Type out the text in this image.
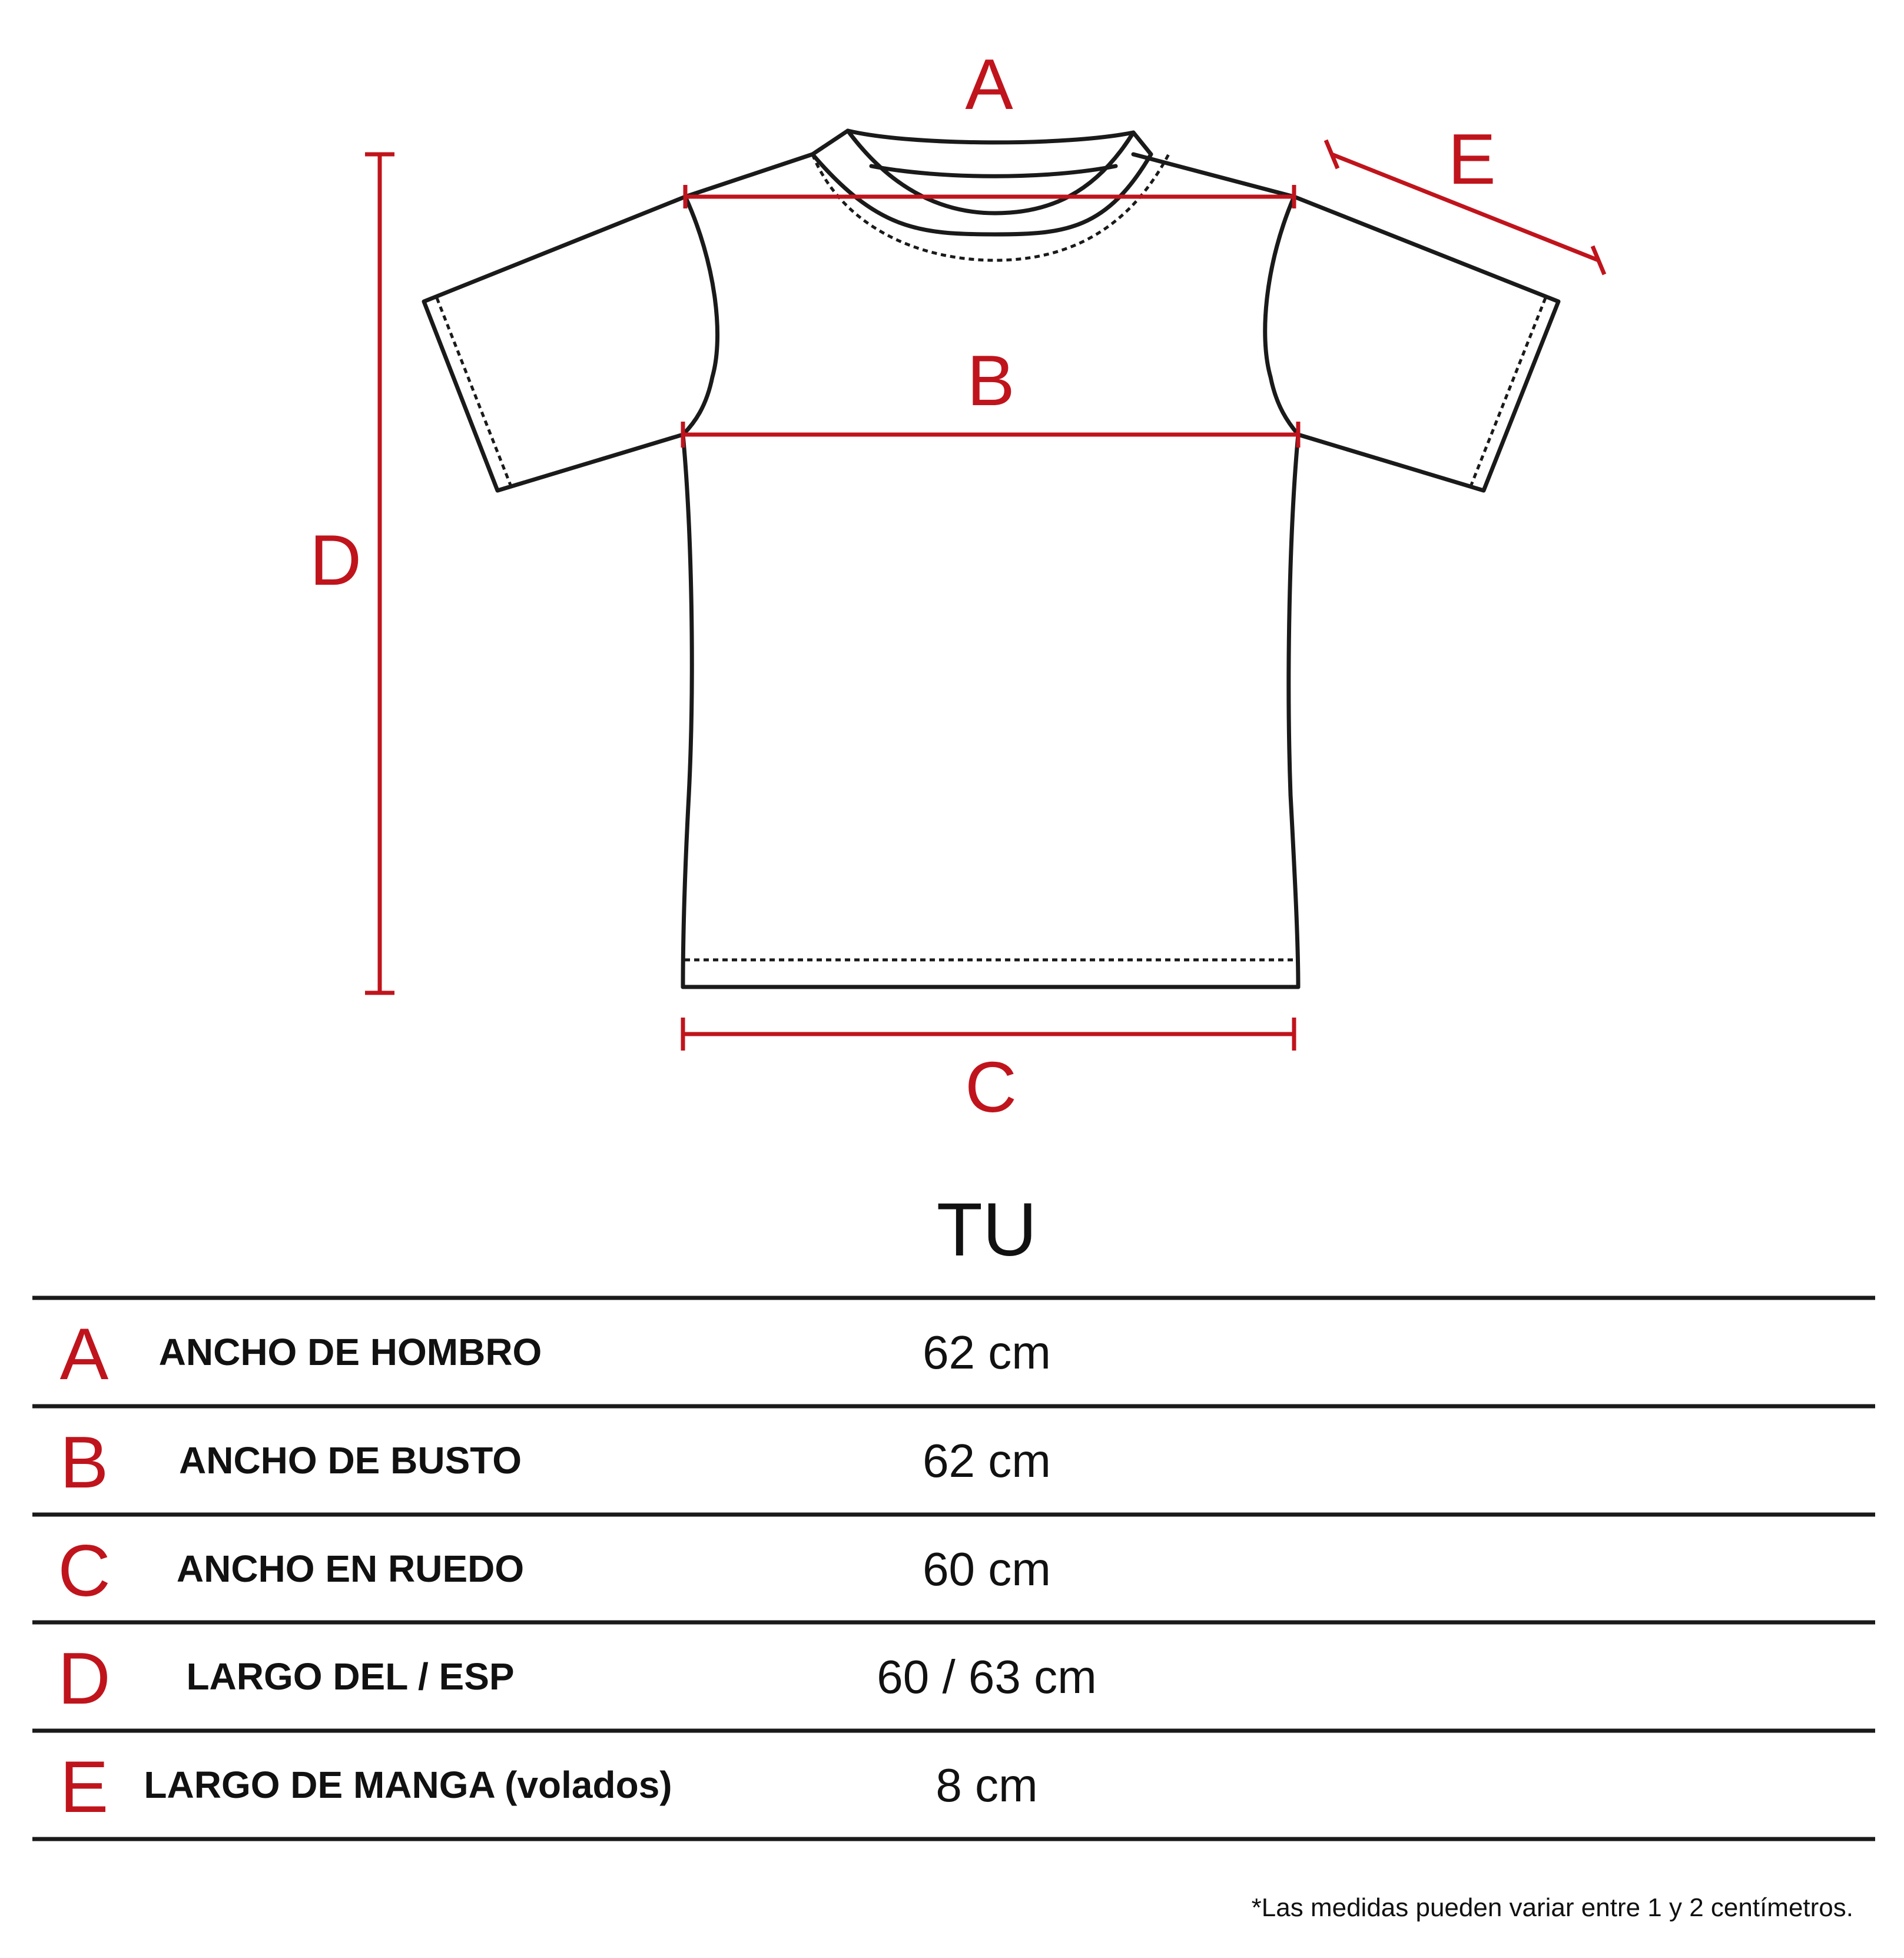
A
B
C
D
E
TU
A ANCHO DE HOMBRO	62 cm
B ANCHO DE BUSTO	62 cm
C ANCHO EN RUEDO	60 cm
D LARGO DEL / ESP	60 / 63 cm
E LARGO DE MANGA (volados)	8 cm
*Las medidas pueden variar entre 1 y 2 centímetros.
